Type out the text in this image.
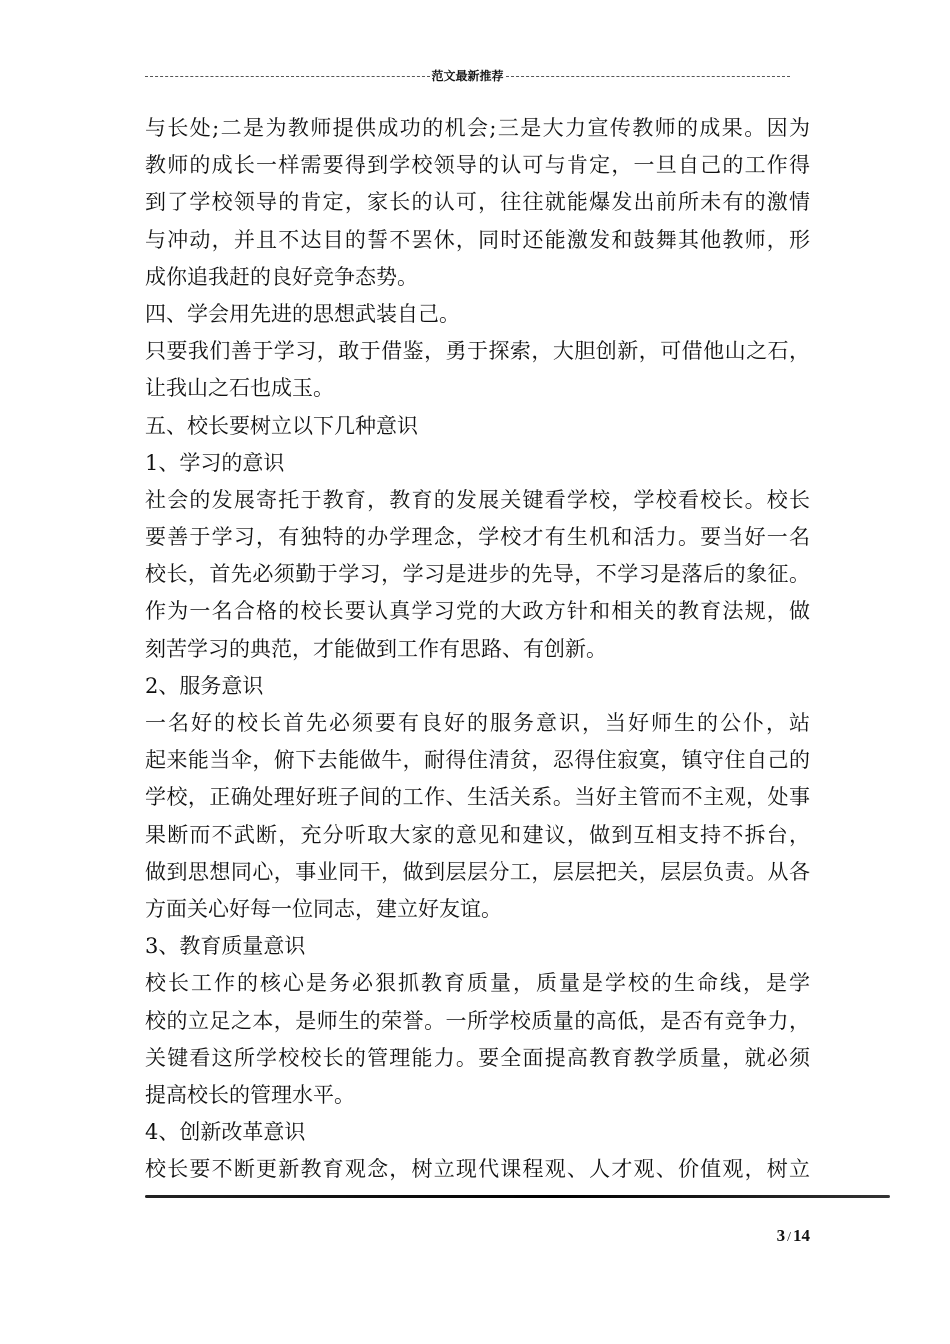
范文最新推荐
与长处;二是为教师提供成功的机会;三是大力宣传教师的成果。因为
教师的成长一样需要得到学校领导的认可与肯定，一旦自己的工作得
到了学校领导的肯定，家长的认可，往往就能爆发出前所未有的激情
与冲动，并且不达目的誓不罢休，同时还能激发和鼓舞其他教师，形
成你追我赶的良好竞争态势。
四、学会用先进的思想武装自己。
只要我们善于学习，敢于借鉴，勇于探索，大胆创新，可借他山之石，
让我山之石也成玉。
五、校长要树立以下几种意识
1、学习的意识
社会的发展寄托于教育，教育的发展关键看学校，学校看校长。校长
要善于学习，有独特的办学理念，学校才有生机和活力。要当好一名
校长，首先必须勤于学习，学习是进步的先导，不学习是落后的象征。
作为一名合格的校长要认真学习党的大政方针和相关的教育法规，做
刻苦学习的典范，才能做到工作有思路、有创新。
2、服务意识
一名好的校长首先必须要有良好的服务意识，当好师生的公仆，站
起来能当伞，俯下去能做牛，耐得住清贫，忍得住寂寞，镇守住自己的
学校，正确处理好班子间的工作、生活关系。当好主管而不主观，处事
果断而不武断，充分听取大家的意见和建议，做到互相支持不拆台，
做到思想同心，事业同干，做到层层分工，层层把关，层层负责。从各
方面关心好每一位同志，建立好友谊。
3、教育质量意识
校长工作的核心是务必狠抓教育质量，质量是学校的生命线，是学
校的立足之本，是师生的荣誉。一所学校质量的高低，是否有竞争力，
关键看这所学校校长的管理能力。要全面提高教育教学质量，就必须
提高校长的管理水平。
4、创新改革意识
校长要不断更新教育观念，树立现代课程观、人才观、价值观，树立
3 / 14
